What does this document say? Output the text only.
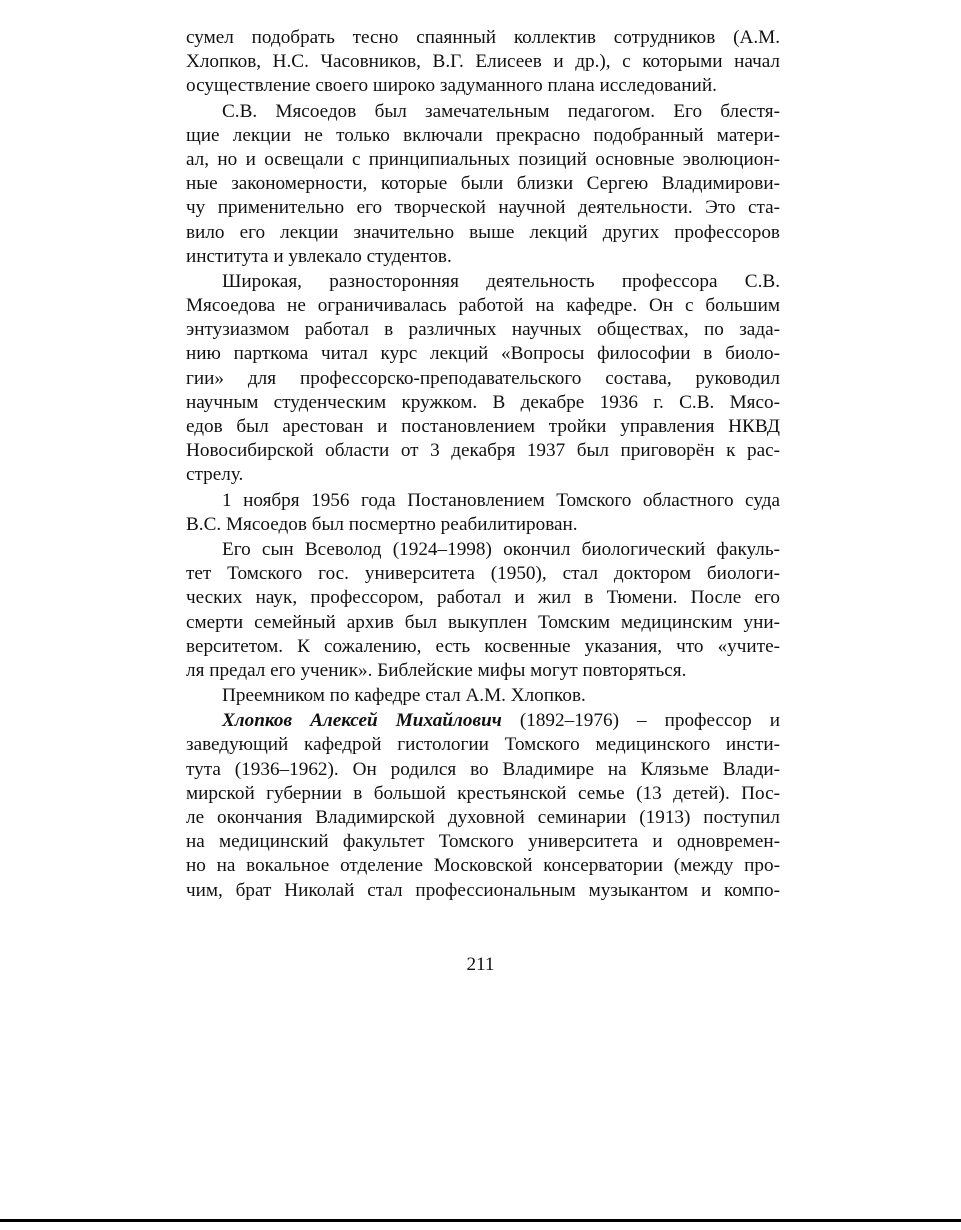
сумел подобрать тесно спаянный коллектив сотрудников (А.М.
Хлопков, Н.С. Часовников, В.Г. Елисеев и др.), с которыми начал
осуществление своего широко задуманного плана исследований.
С.В. Мясоедов был замечательным педагогом. Его блестя-
щие лекции не только включали прекрасно подобранный матери-
ал, но и освещали с принципиальных позиций основные эволюцион-
ные закономерности, которые были близки Сергею Владимирови-
чу применительно его творческой научной деятельности. Это ста-
вило его лекции значительно выше лекций других профессоров
института и увлекало студентов.
Широкая, разносторонняя деятельность профессора С.В.
Мясоедова не ограничивалась работой на кафедре. Он с большим
энтузиазмом работал в различных научных обществах, по зада-
нию парткома читал курс лекций «Вопросы философии в биоло-
гии» для профессорско-преподавательского состава, руководил
научным студенческим кружком. В декабре 1936 г. С.В. Мясо-
едов был арестован и постановлением тройки управления НКВД
Новосибирской области от 3 декабря 1937 был приговорён к рас-
стрелу.
1 ноября 1956 года Постановлением Томского областного суда
В.С. Мясоедов был посмертно реабилитирован.
Его сын Всеволод (1924–1998) окончил биологический факуль-
тет Томского гос. университета (1950), стал доктором биологи-
ческих наук, профессором, работал и жил в Тюмени. После его
смерти семейный архив был выкуплен Томским медицинским уни-
верситетом. К сожалению, есть косвенные указания, что «учите-
ля предал его ученик». Библейские мифы могут повторяться.
Преемником по кафедре стал А.М. Хлопков.
Хлопков Алексей Михайлович (1892–1976) – профессор и
заведующий кафедрой гистологии Томского медицинского инсти-
тута (1936–1962). Он родился во Владимире на Клязьме Влади-
мирской губернии в большой крестьянской семье (13 детей). Пос-
ле окончания Владимирской духовной семинарии (1913) поступил
на медицинский факультет Томского университета и одновремен-
но на вокальное отделение Московской консерватории (между про-
чим, брат Николай стал профессиональным музыкантом и компо-
211
